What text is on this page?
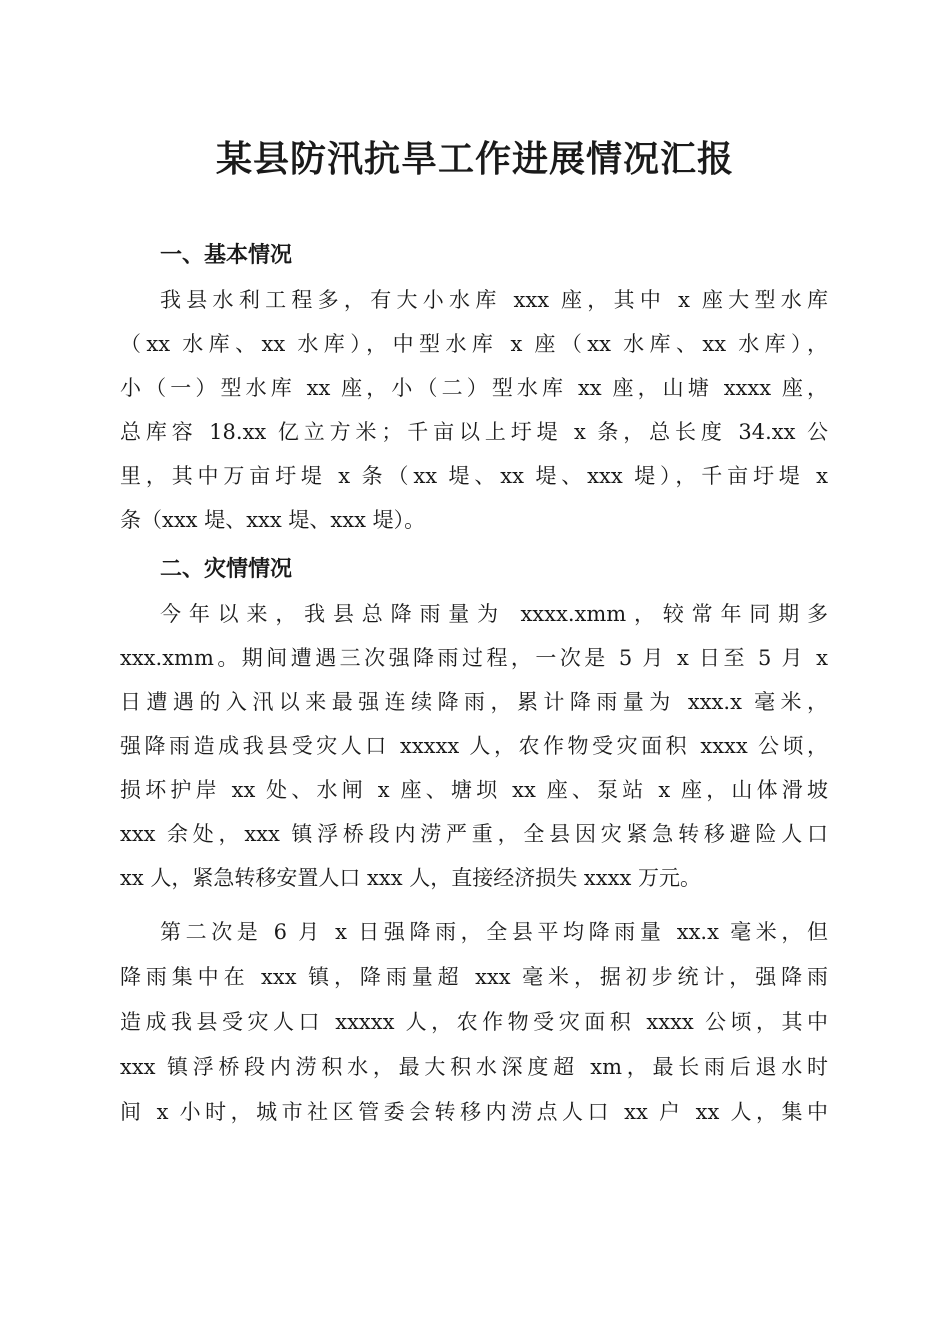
某县防汛抗旱工作进展情况汇报
一、基本情况
我县水利工程多，有大小水库 xxx 座，其中 x 座大型水库
（xx 水库、xx 水库），中型水库 x 座（xx 水库、xx 水库），
小（一）型水库 xx 座，小（二）型水库 xx 座，山塘 xxxx 座，
总库容 18.xx 亿立方米；千亩以上圩堤 x 条，总长度 34.xx 公
里，其中万亩圩堤 x 条（xx 堤、xx 堤、xxx 堤），千亩圩堤 x
条（xxx 堤、xxx 堤、xxx 堤）。
二、灾情情况
今年以来，我县总降雨量为 xxxx.xmm，较常年同期多
xxx.xmm。期间遭遇三次强降雨过程，一次是 5 月 x 日至 5 月 x
日遭遇的入汛以来最强连续降雨，累计降雨量为 xxx.x 毫米，
强降雨造成我县受灾人口 xxxxx 人，农作物受灾面积 xxxx 公顷，
损坏护岸 xx 处、水闸 x 座、塘坝 xx 座、泵站 x 座，山体滑坡
xxx 余处，xxx 镇浮桥段内涝严重，全县因灾紧急转移避险人口
xx 人，紧急转移安置人口 xxx 人，直接经济损失 xxxx 万元。
第二次是 6 月 x 日强降雨，全县平均降雨量 xx.x 毫米，但
降雨集中在 xxx 镇，降雨量超 xxx 毫米，据初步统计，强降雨
造成我县受灾人口 xxxxx 人，农作物受灾面积 xxxx 公顷，其中
xxx 镇浮桥段内涝积水，最大积水深度超 xm，最长雨后退水时
间 x 小时，城市社区管委会转移内涝点人口 xx 户 xx 人，集中
